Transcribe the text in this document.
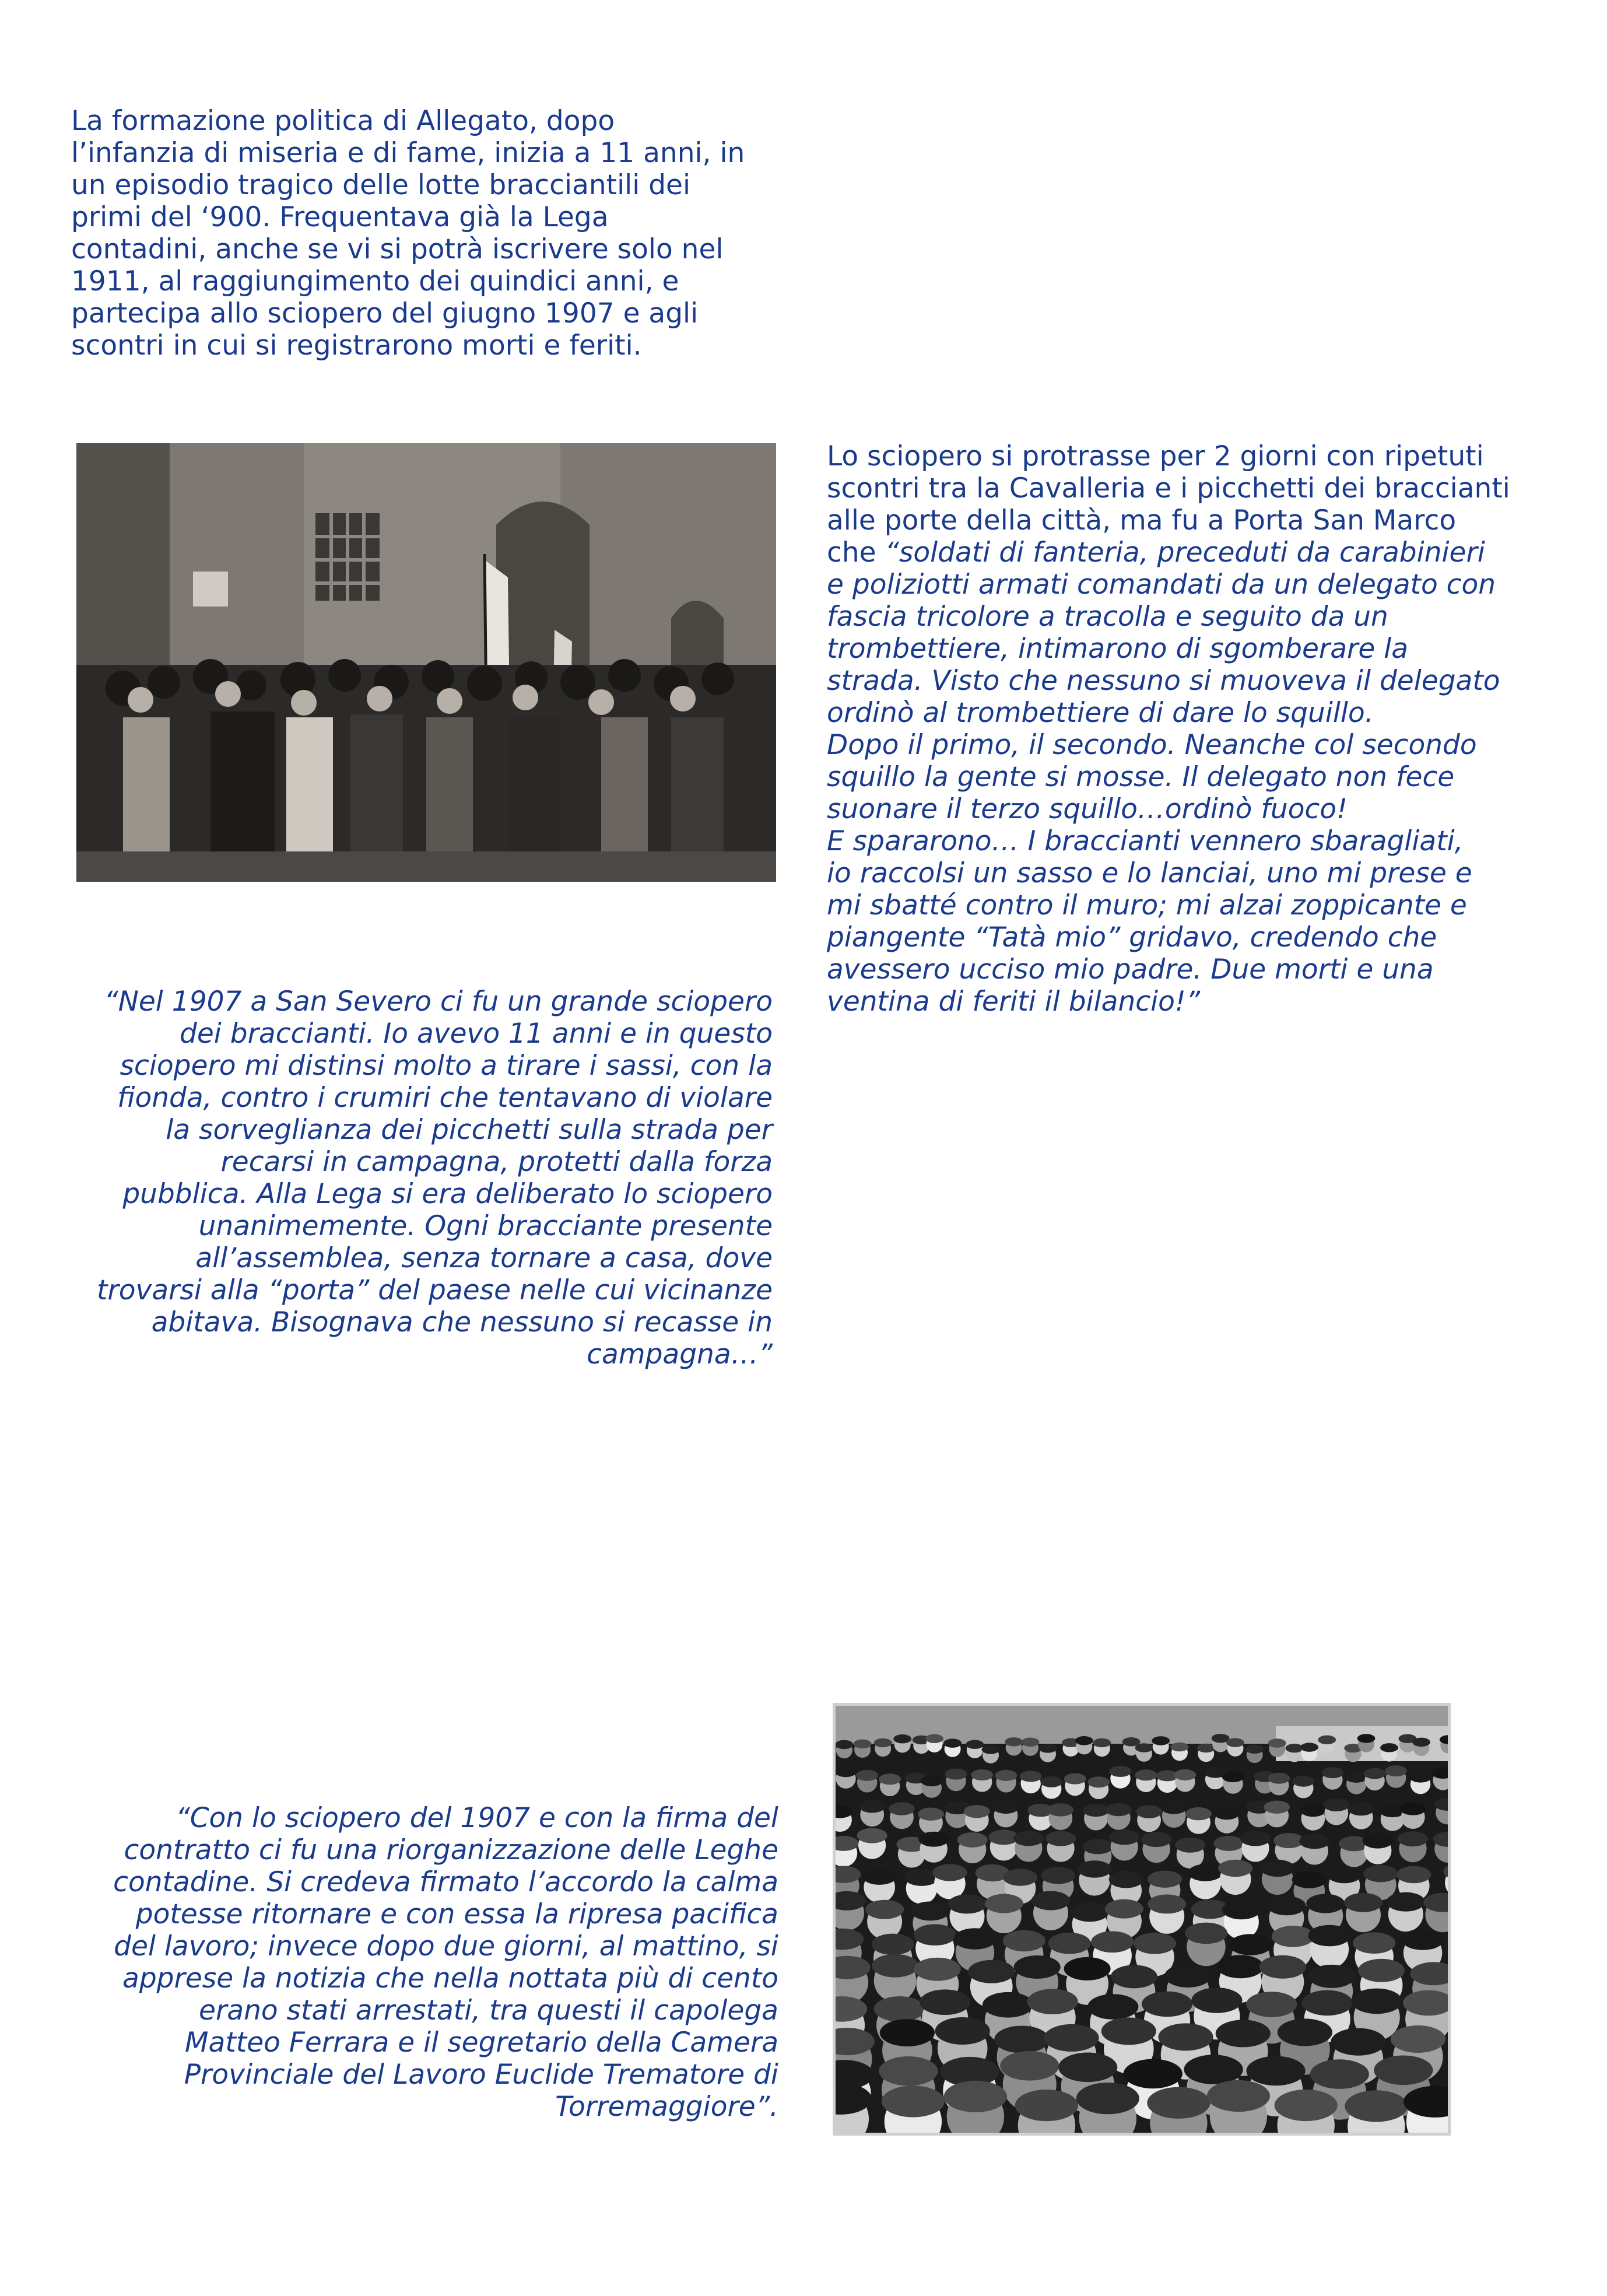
La formazione politica di Allegato, dopo
l’infanzia di miseria e di fame, inizia a 11 anni, in
un episodio tragico delle lotte bracciantili dei
primi del ‘900. Frequentava già la Lega
contadini, anche se vi si potrà iscrivere solo nel
1911, al raggiungimento dei quindici anni, e
partecipa allo sciopero del giugno 1907 e agli
scontri in cui si registrarono morti e feriti.
Lo sciopero si protrasse per 2 giorni con ripetuti
scontri tra la Cavalleria e i picchetti dei braccianti
alle porte della città, ma fu a Porta San Marco
che “soldati di fanteria, preceduti da carabinieri
e poliziotti armati comandati da un delegato con
fascia tricolore a tracolla e seguito da un
trombettiere, intimarono di sgomberare la
strada. Visto che nessuno si muoveva il delegato
ordinò al trombettiere di dare lo squillo.
Dopo il primo, il secondo. Neanche col secondo
squillo la gente si mosse. Il delegato non fece
suonare il terzo squillo…ordinò fuoco!
E spararono… I braccianti vennero sbaragliati,
io raccolsi un sasso e lo lanciai, uno mi prese e
mi sbatté contro il muro; mi alzai zoppicante e
piangente “Tatà mio” gridavo, credendo che
avessero ucciso mio padre. Due morti e una
ventina di feriti il bilancio!”
“Nel 1907 a San Severo ci fu un grande sciopero
dei braccianti. Io avevo 11 anni e in questo
sciopero mi distinsi molto a tirare i sassi, con la
fionda, contro i crumiri che tentavano di violare
la sorveglianza dei picchetti sulla strada per
recarsi in campagna, protetti dalla forza
pubblica. Alla Lega si era deliberato lo sciopero
unanimemente. Ogni bracciante presente
all’assemblea, senza tornare a casa, dove
trovarsi alla “porta” del paese nelle cui vicinanze
abitava. Bisognava che nessuno si recasse in
campagna…”
“Con lo sciopero del 1907 e con la firma del
contratto ci fu una riorganizzazione delle Leghe
contadine. Si credeva firmato l’accordo la calma
potesse ritornare e con essa la ripresa pacifica
del lavoro; invece dopo due giorni, al mattino, si
apprese la notizia che nella nottata più di cento
erano stati arrestati, tra questi il capolega
Matteo Ferrara e il segretario della Camera
Provinciale del Lavoro Euclide Trematore di
Torremaggiore”.
